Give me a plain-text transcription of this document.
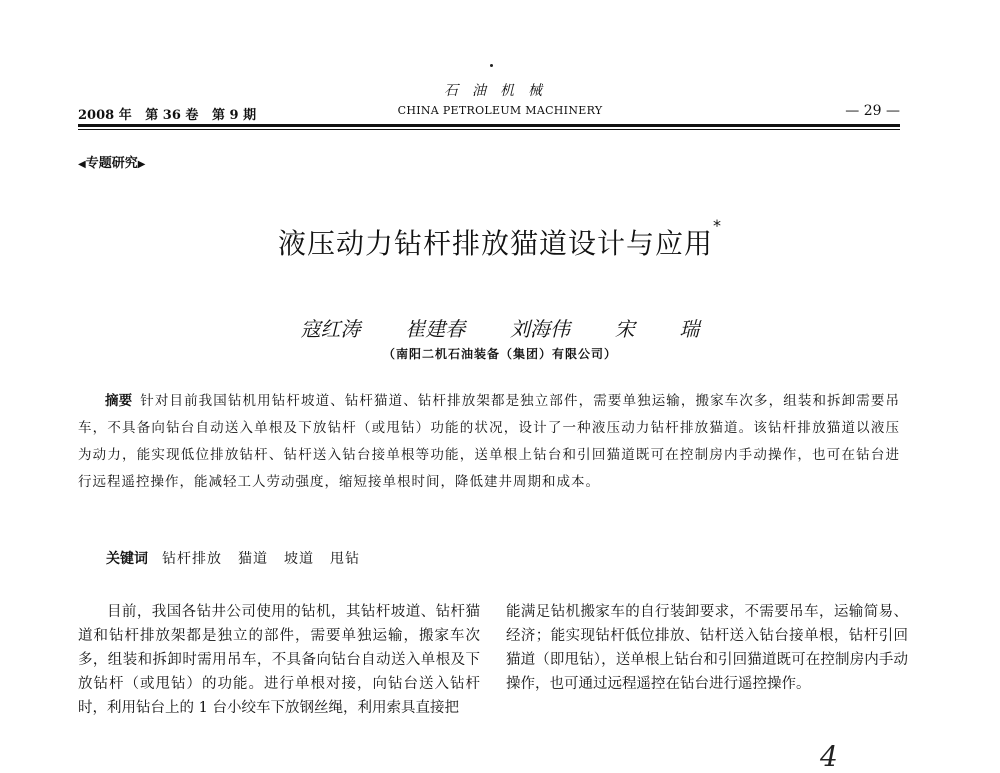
石油机械
2008 年   第 36 卷   第 9 期	CHINA PETROLEUM MACHINERY	— 29 —
◀专题研究▶
液压动力钻杆排放猫道设计与应用*
寇红涛  崔建春  刘海伟  宋  瑞
（南阳二机石油装备（集团）有限公司）
摘要 针对目前我国钻机用钻杆坡道、钻杆猫道、钻杆排放架都是独立部件，需要单独运输，搬家车次多，组装和拆卸需要吊车，不具备向钻台自动送入单根及下放钻杆（或甩钻）功能的状况，设计了一种液压动力钻杆排放猫道。该钻杆排放猫道以液压为动力，能实现低位排放钻杆、钻杆送入钻台接单根等功能，送单根上钻台和引回猫道既可在控制房内手动操作，也可在钻台进行远程遥控操作，能减轻工人劳动强度，缩短接单根时间，降低建井周期和成本。
关键词 钻杆排放 猫道 坡道 甩钻
目前，我国各钻井公司使用的钻机，其钻杆坡道、钻杆猫道和钻杆排放架都是独立的部件，需要单独运输，搬家车次多，组装和拆卸时需用吊车，不具备向钻台自动送入单根及下放钻杆（或甩钻）的功能。进行单根对接，向钻台送入钻杆时，利用钻台上的 1 台小绞车下放钢丝绳，利用索具直接把
能满足钻机搬家车的自行装卸要求，不需要吊车，运输简易、经济；能实现钻杆低位排放、钻杆送入钻台接单根，钻杆引回猫道（即甩钻），送单根上钻台和引回猫道既可在控制房内手动操作，也可通过远程遥控在钻台进行遥控操作。
4
